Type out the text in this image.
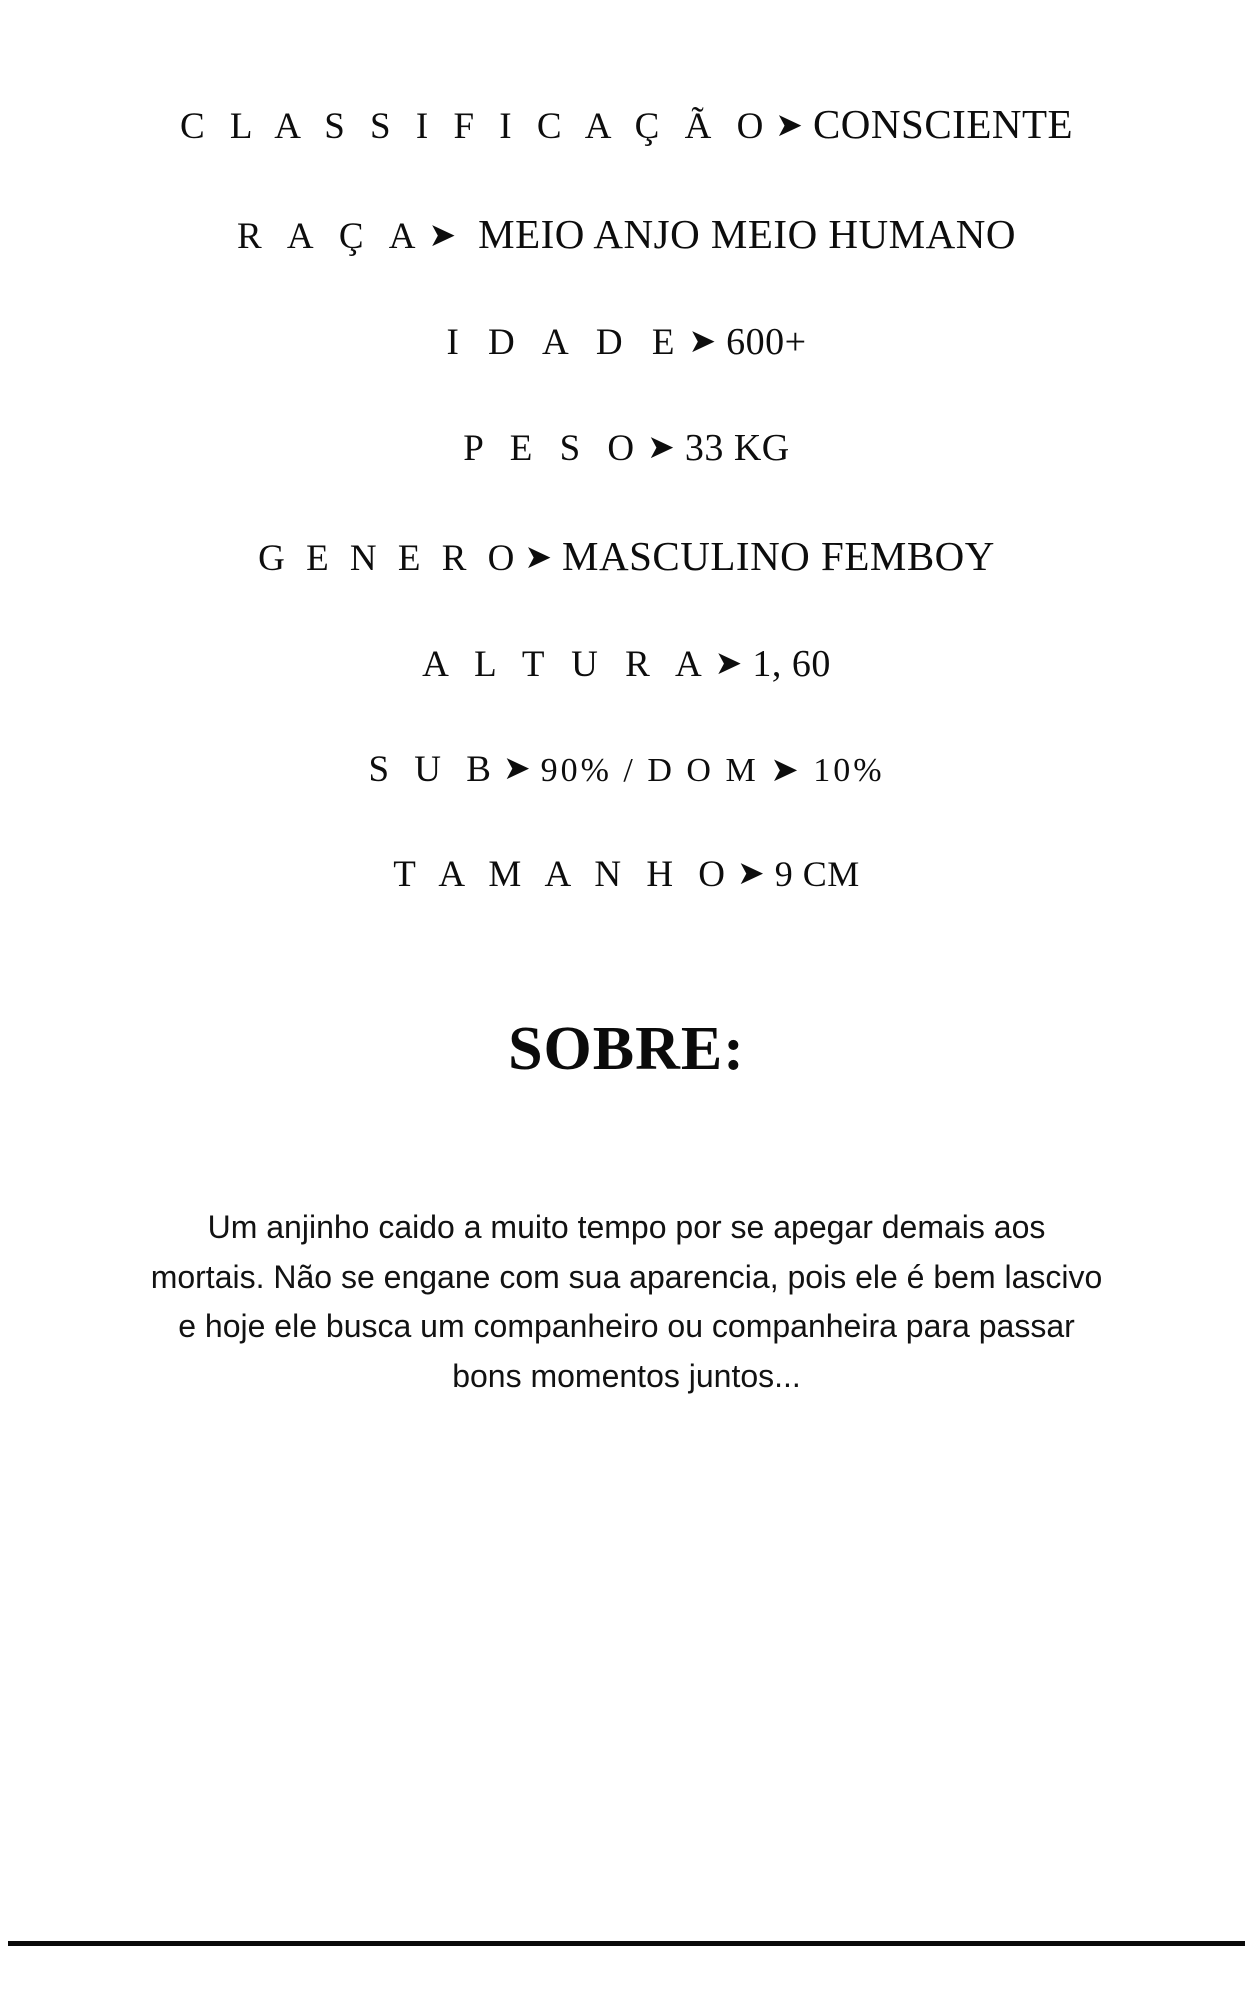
C L A S S I F I C A Ç Ã O ➤ CONSCIENTE
R A Ç A ➤ MEIO ANJO MEIO HUMANO
I D A D E ➤ 600+
P E S O ➤ 33 KG
G E N E R O ➤ MASCULINO FEMBOY
A L T U R A ➤ 1, 60
S U B ➤ 90% / D O M ➤ 10%
T A M A N H O ➤ 9 CM
SOBRE:

Um anjinho caido a muito tempo por se apegar demais aos mortais. Não se engane com sua aparencia, pois ele é bem lascivo e hoje ele busca um companheiro ou companheira para passar bons momentos juntos...
